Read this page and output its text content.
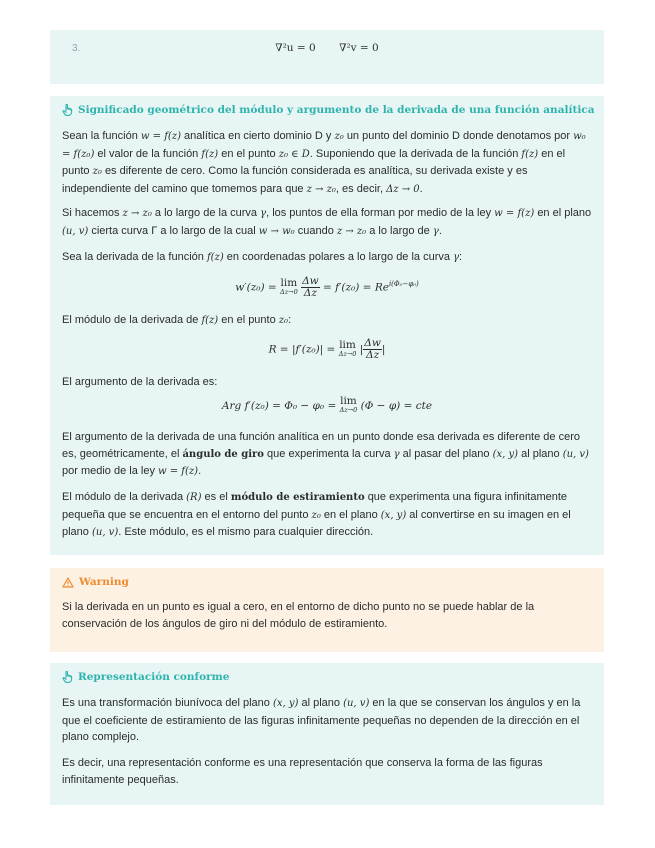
3.	∇²u = 0       ∇²v = 0
Significado geométrico del módulo y argumento de la derivada de una función analítica

Sean la función w = f(z) analítica en cierto dominio D y z₀ un punto del dominio D donde denotamos por w₀ = f(z₀) el valor de la función f(z) en el punto z₀ ∈ D. Suponiendo que la derivada de la función f(z) en el punto z₀ es diferente de cero. Como la función considerada es analítica, su derivada existe y es independiente del camino que tomemos para que z → z₀, es decir, Δz → 0.

Si hacemos z → z₀ a lo largo de la curva γ, los puntos de ella forman por medio de la ley w = f(z) en el plano (u, v) cierta curva Γ a lo largo de la cual w → w₀ cuando z → z₀ a lo largo de γ.

Sea la derivada de la función f(z) en coordenadas polares a lo largo de la curva γ:

w′(z₀) = lim
Δz→0
$\frac{\Delta w}{\Delta z} = f'(z_0) = Re^{i(\Phi_0-\varphi_0)}$

El módulo de la derivada de f(z) en el punto z₀:

R = |f′(z₀)| = lim
Δz→0 | $\frac{\Delta w}{\Delta z}$ |

El argumento de la derivada es:

Arg f′(z₀) = Φ₀ − φ₀ = lim
Δz→0 (Φ − φ) = cte

El argumento de la derivada de una función analítica en un punto donde esa derivada es diferente de cero es, geométricamente, el ángulo de giro que experimenta la curva γ al pasar del plano (x, y) al plano (u, v) por medio de la ley w = f(z).

El módulo de la derivada (R) es el módulo de estiramiento que experimenta una figura infinitamente pequeña que se encuentra en el entorno del punto z₀ en el plano (x, y) al convertirse en su imagen en el plano (u, v). Este módulo, es el mismo para cualquier dirección.

Warning

Si la derivada en un punto es igual a cero, en el entorno de dicho punto no se puede hablar de la conservación de los ángulos de giro ni del módulo de estiramiento.

Representación conforme

Es una transformación biunívoca del plano (x, y) al plano (u, v) en la que se conservan los ángulos y en la que el coeficiente de estiramiento de las figuras infinitamente pequeñas no dependen de la dirección en el plano complejo.

Es decir, una representación conforme es una representación que conserva la forma de las figuras infinitamente pequeñas.
